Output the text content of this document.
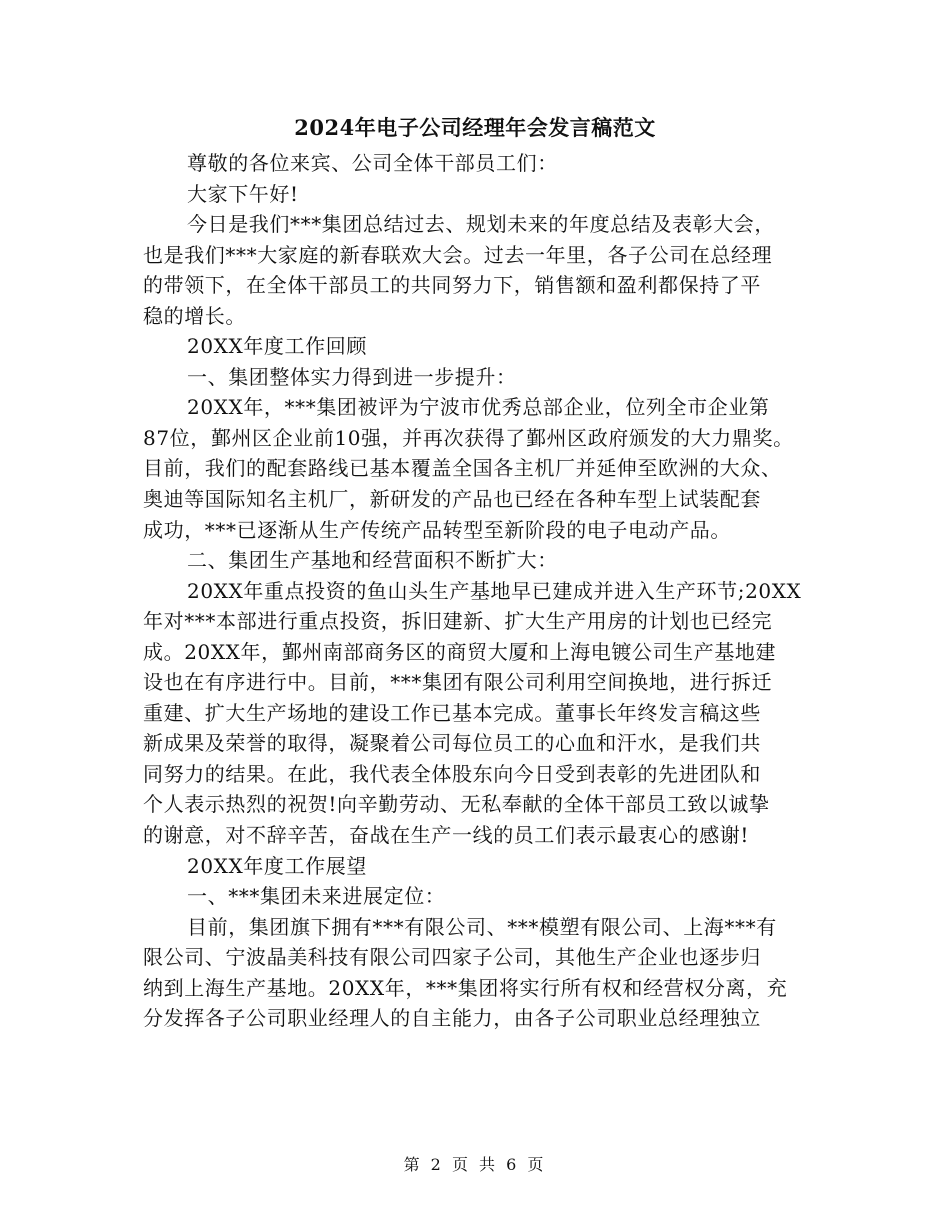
2024年电子公司经理年会发言稿范文
尊敬的各位来宾、公司全体干部员工们：
大家下午好!
今日是我们***集团总结过去、规划未来的年度总结及表彰大会，
也是我们***大家庭的新春联欢大会。过去一年里，各子公司在总经理
的带领下，在全体干部员工的共同努力下，销售额和盈利都保持了平
稳的增长。
20XX年度工作回顾
一、集团整体实力得到进一步提升：
20XX年，***集团被评为宁波市优秀总部企业，位列全市企业第
87位，鄞州区企业前10强，并再次获得了鄞州区政府颁发的大力鼎奖。
目前，我们的配套路线已基本覆盖全国各主机厂并延伸至欧洲的大众、
奥迪等国际知名主机厂，新研发的产品也已经在各种车型上试装配套
成功，***已逐渐从生产传统产品转型至新阶段的电子电动产品。
二、集团生产基地和经营面积不断扩大：
20XX年重点投资的鱼山头生产基地早已建成并进入生产环节;20XX
年对***本部进行重点投资，拆旧建新、扩大生产用房的计划也已经完
成。20XX年，鄞州南部商务区的商贸大厦和上海电镀公司生产基地建
设也在有序进行中。目前，***集团有限公司利用空间换地，进行拆迁
重建、扩大生产场地的建设工作已基本完成。董事长年终发言稿这些
新成果及荣誉的取得，凝聚着公司每位员工的心血和汗水，是我们共
同努力的结果。在此，我代表全体股东向今日受到表彰的先进团队和
个人表示热烈的祝贺!向辛勤劳动、无私奉献的全体干部员工致以诚挚
的谢意，对不辞辛苦，奋战在生产一线的员工们表示最衷心的感谢!
20XX年度工作展望
一、***集团未来进展定位：
目前，集团旗下拥有***有限公司、***模塑有限公司、上海***有
限公司、宁波晶美科技有限公司四家子公司，其他生产企业也逐步归
纳到上海生产基地。20XX年，***集团将实行所有权和经营权分离，充
分发挥各子公司职业经理人的自主能力，由各子公司职业总经理独立
第 2 页 共 6 页
